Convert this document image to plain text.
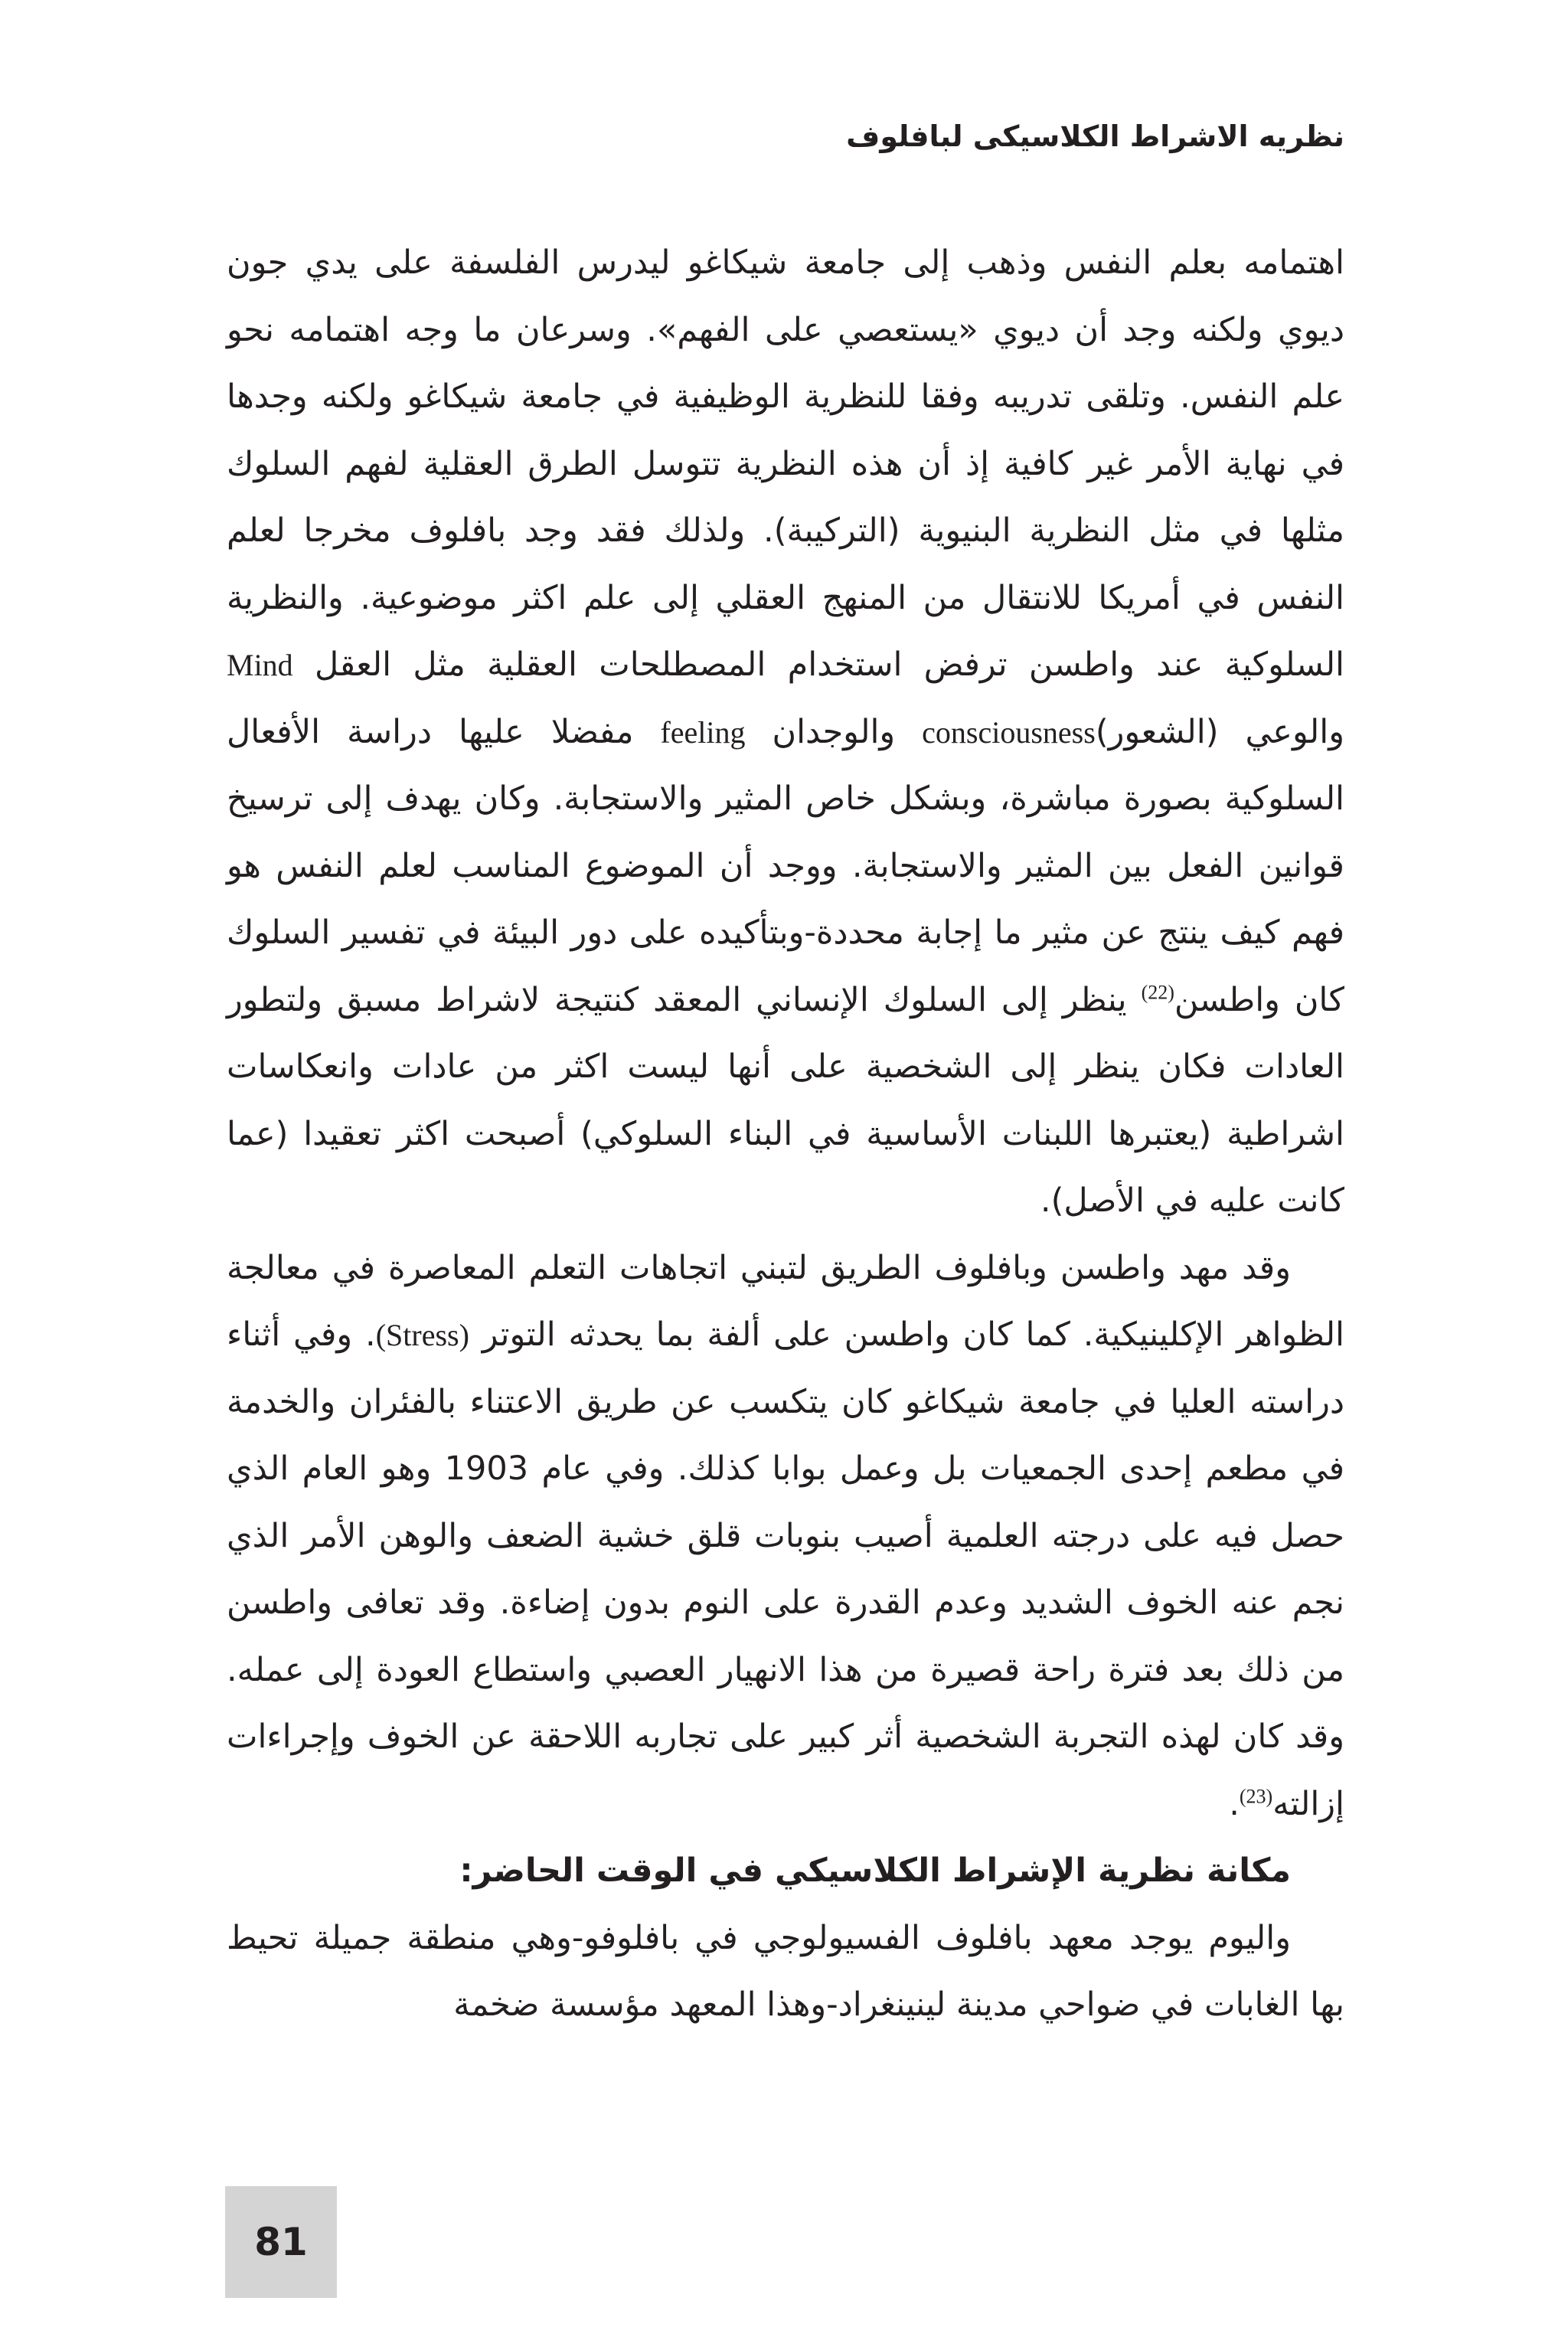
نظريه الاشراط الكلاسيكى لبافلوف

اهتمامه بعلم النفس وذهب إلى جامعة شيكاغو ليدرس الفلسفة على يدي جون ديوي ولكنه وجد أن ديوي «يستعصي على الفهم». وسرعان ما وجه اهتمامه نحو علم النفس. وتلقى تدريبه وفقا للنظرية الوظيفية في جامعة شيكاغو ولكنه وجدها في نهاية الأمر غير كافية إذ أن هذه النظرية تتوسل الطرق العقلية لفهم السلوك مثلها في مثل النظرية البنيوية (التركيبة). ولذلك فقد وجد بافلوف مخرجا لعلم النفس في أمريكا للانتقال من المنهج العقلي إلى علم اكثر موضوعية. والنظرية السلوكية عند واطسن ترفض استخدام المصطلحات العقلية مثل العقل Mind والوعي (الشعور)consciousness والوجدان feeling مفضلا عليها دراسة الأفعال السلوكية بصورة مباشرة، وبشكل خاص المثير والاستجابة. وكان يهدف إلى ترسيخ قوانين الفعل بين المثير والاستجابة. ووجد أن الموضوع المناسب لعلم النفس هو فهم كيف ينتج عن مثير ما إجابة محددة-وبتأكيده على دور البيئة في تفسير السلوك كان واطسن$^{(22)}$ ينظر إلى السلوك الإنساني المعقد كنتيجة لاشراط مسبق ولتطور العادات فكان ينظر إلى الشخصية على أنها ليست اكثر من عادات وانعكاسات اشراطية (يعتبرها اللبنات الأساسية في البناء السلوكي) أصبحت اكثر تعقيدا (عما كانت عليه في الأصل).

وقد مهد واطسن وبافلوف الطريق لتبني اتجاهات التعلم المعاصرة في معالجة الظواهر الإكلينيكية. كما كان واطسن على ألفة بما يحدثه التوتر (Stress). وفي أثناء دراسته العليا في جامعة شيكاغو كان يتكسب عن طريق الاعتناء بالفئران والخدمة في مطعم إحدى الجمعيات بل وعمل بوابا كذلك. وفي عام 1903 وهو العام الذي حصل فيه على درجته العلمية أصيب بنوبات قلق خشية الضعف والوهن الأمر الذي نجم عنه الخوف الشديد وعدم القدرة على النوم بدون إضاءة. وقد تعافى واطسن من ذلك بعد فترة راحة قصيرة من هذا الانهيار العصبي واستطاع العودة إلى عمله. وقد كان لهذه التجربة الشخصية أثر كبير على تجاربه اللاحقة عن الخوف وإجراءات إزالته$^{(23)}$.

مكانة نظرية الإشراط الكلاسيكي في الوقت الحاضر:

واليوم يوجد معهد بافلوف الفسيولوجي في بافلوفو-وهي منطقة جميلة تحيط بها الغابات في ضواحي مدينة لينينغراد-وهذا المعهد مؤسسة ضخمة

81
